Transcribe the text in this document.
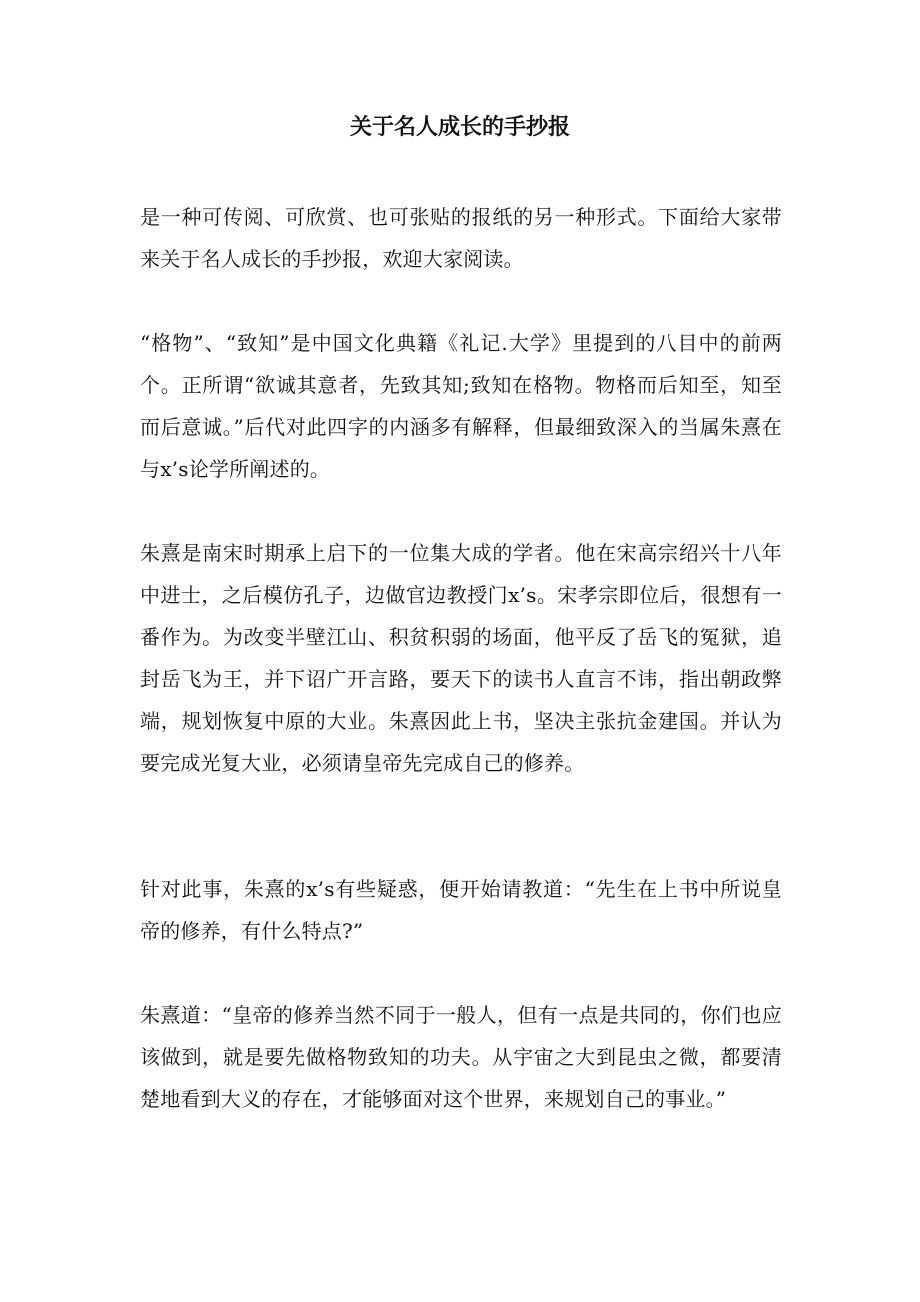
关于名人成长的手抄报

是一种可传阅、可欣赏、也可张贴的报纸的另一种形式。下面给大家带来关于名人成长的手抄报，欢迎大家阅读。

“格物”、“致知”是中国文化典籍《礼记.大学》里提到的八目中的前两个。正所谓“欲诚其意者，先致其知;致知在格物。物格而后知至，知至而后意诚。”后代对此四字的内涵多有解释，但最细致深入的当属朱熹在与x’s论学所阐述的。

朱熹是南宋时期承上启下的一位集大成的学者。他在宋高宗绍兴十八年中进士，之后模仿孔子，边做官边教授门x’s。宋孝宗即位后，很想有一番作为。为改变半壁江山、积贫积弱的场面，他平反了岳飞的冤狱，追封岳飞为王，并下诏广开言路，要天下的读书人直言不讳，指出朝政弊端，规划恢复中原的大业。朱熹因此上书，坚决主张抗金建国。并认为要完成光复大业，必须请皇帝先完成自己的修养。

针对此事，朱熹的x’s有些疑惑，便开始请教道：“先生在上书中所说皇帝的修养，有什么特点?”

朱熹道：“皇帝的修养当然不同于一般人，但有一点是共同的，你们也应该做到，就是要先做格物致知的功夫。从宇宙之大到昆虫之微，都要清楚地看到大义的存在，才能够面对这个世界，来规划自己的事业。”
